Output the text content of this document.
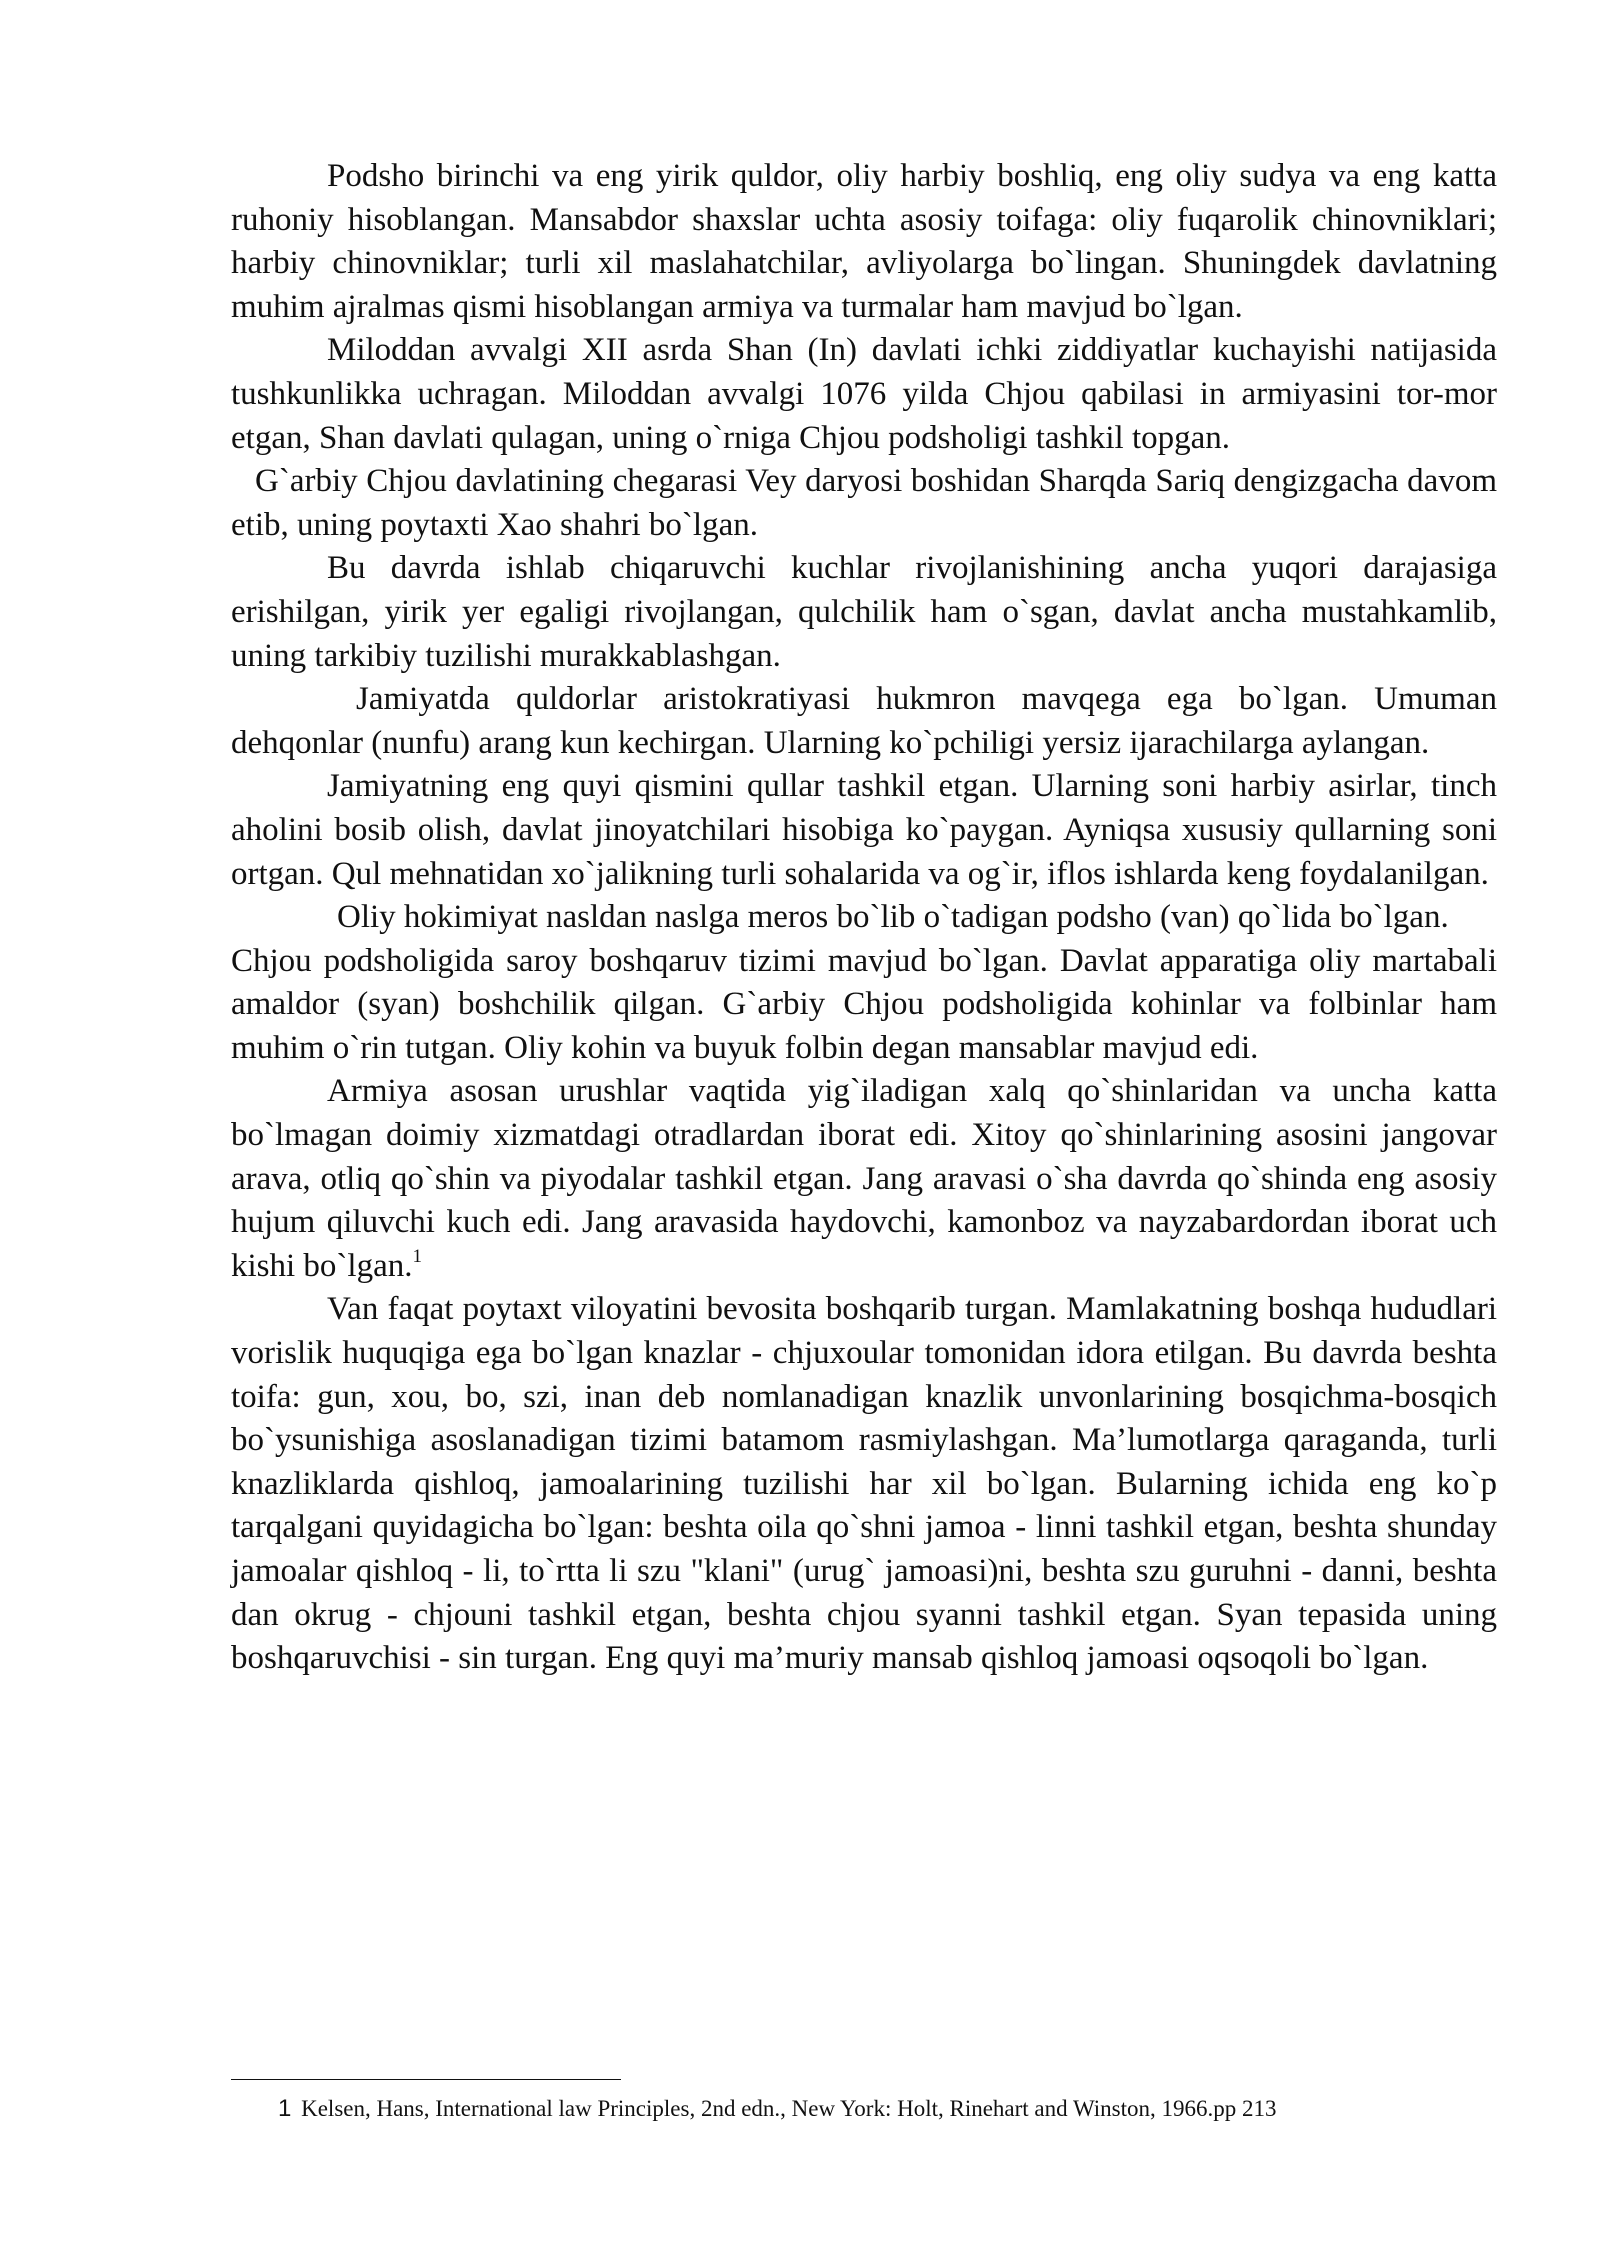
Podsho birinchi va eng yirik quldor, oliy harbiy boshliq, eng oliy sudya va eng katta ruhoniy hisoblangan. Mansabdor shaxslar uchta asosiy toifaga: oliy fuqarolik chinovniklari; harbiy chinovniklar; turli xil maslahatchilar, avliyolarga bo`lingan. Shuningdek davlatning muhim ajralmas qismi hisoblangan armiya va turmalar ham mavjud bo`lgan.

Miloddan avvalgi XII asrda Shan (In) davlati ichki ziddiyatlar kuchayishi natijasida tushkunlikka uchragan. Miloddan avvalgi 1076 yilda Chjou qabilasi in armiyasini tor-mor etgan, Shan davlati qulagan, uning o`rniga Chjou podsholigi tashkil topgan.

G`arbiy Chjou davlatining chegarasi Vey daryosi boshidan Sharqda Sariq dengizgacha davom etib, uning poytaxti Xao shahri bo`lgan.

Bu davrda ishlab chiqaruvchi kuchlar rivojlanishining ancha yuqori darajasiga erishilgan, yirik yer egaligi rivojlangan, qulchilik ham o`sgan, davlat ancha mustahkamlib, uning tarkibiy tuzilishi murakkablashgan.

Jamiyatda quldorlar aristokratiyasi hukmron mavqega ega bo`lgan. Umuman dehqonlar (nunfu) arang kun kechirgan. Ularning ko`pchiligi yersiz ijarachilarga aylangan.

Jamiyatning eng quyi qismini qullar tashkil etgan. Ularning soni harbiy asirlar, tinch aholini bosib olish, davlat jinoyatchilari hisobiga ko`paygan. Ayniqsa xususiy qullarning soni ortgan. Qul mehnatidan xo`jalikning turli sohalarida va og`ir, iflos ishlarda keng foydalanilgan.

Oliy hokimiyat nasldan naslga meros bo`lib o`tadigan podsho (van) qo`lida bo`lgan.

Chjou podsholigida saroy boshqaruv tizimi mavjud bo`lgan. Davlat apparatiga oliy martabali amaldor (syan) boshchilik qilgan. G`arbiy Chjou podsholigida kohinlar va folbinlar ham muhim o`rin tutgan. Oliy kohin va buyuk folbin degan mansablar mavjud edi.

Armiya asosan urushlar vaqtida yig`iladigan xalq qo`shinlaridan va uncha katta bo`lmagan doimiy xizmatdagi otradlardan iborat edi. Xitoy qo`shinlarining asosini jangovar arava, otliq qo`shin va piyodalar tashkil etgan. Jang aravasi o`sha davrda qo`shinda eng asosiy hujum qiluvchi kuch edi. Jang aravasida haydovchi, kamonboz va nayzabardordan iborat uch kishi bo`lgan.$^1$

Van faqat poytaxt viloyatini bevosita boshqarib turgan. Mamlakatning boshqa hududlari vorislik huquqiga ega bo`lgan knazlar - chjuxoular tomonidan idora etilgan. Bu davrda beshta toifa: gun, xou, bo, szi, inan deb nomlanadigan knazlik unvonlarining bosqichma-bosqich bo`ysunishiga asoslanadigan tizimi batamom rasmiylashgan. Ma’lumotlarga qaraganda, turli knazliklarda qishloq, jamoalarining tuzilishi har xil bo`lgan. Bularning ichida eng ko`p tarqalgani quyidagicha bo`lgan: beshta oila qo`shni jamoa - linni tashkil etgan, beshta shunday jamoalar qishloq - li, to`rtta li szu "klani" (urug` jamoasi)ni, beshta szu guruhni - danni, beshta dan okrug - chjouni tashkil etgan, beshta chjou syanni tashkil etgan. Syan tepasida uning boshqaruvchisi - sin turgan. Eng quyi ma’muriy mansab qishloq jamoasi oqsoqoli bo`lgan.

1 Kelsen, Hans, International law Principles, 2nd edn., New York: Holt, Rinehart and Winston, 1966.pp 213
